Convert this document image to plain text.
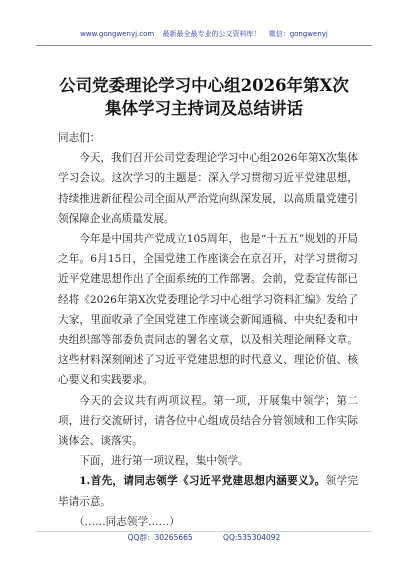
www.gongwenyj.com 最新最全最专业的公文资料库！ 微信：gongwenyj
公司党委理论学习中心组2026年第X次
集体学习主持词及总结讲话

同志们：

今天，我们召开公司党委理论学习中心组2026年第X次集体学习会议。这次学习的主题是：深入学习贯彻习近平党建思想，持续推进新征程公司全面从严治党向纵深发展，以高质量党建引领保障企业高质量发展。

今年是中国共产党成立105周年，也是“十五五”规划的开局之年。6月15日，全国党建工作座谈会在京召开，对学习贯彻习近平党建思想作出了全面系统的工作部署。会前，党委宣传部已经将《2026年第X次党委理论学习中心组学习资料汇编》发给了大家，里面收录了全国党建工作座谈会新闻通稿、中央纪委和中央组织部等部委负责同志的署名文章，以及相关理论阐释文章。这些材料深刻阐述了习近平党建思想的时代意义、理论价值、核心要义和实践要求。

今天的会议共有两项议程。第一项，开展集中领学；第二项，进行交流研讨，请各位中心组成员结合分管领域和工作实际谈体会、谈落实。

下面，进行第一项议程，集中领学。

1.首先，请同志领学《习近平党建思想内涵要义》。领学完毕请示意。

（……同志领学……）

QQ群：30265665	QQ:535304092
